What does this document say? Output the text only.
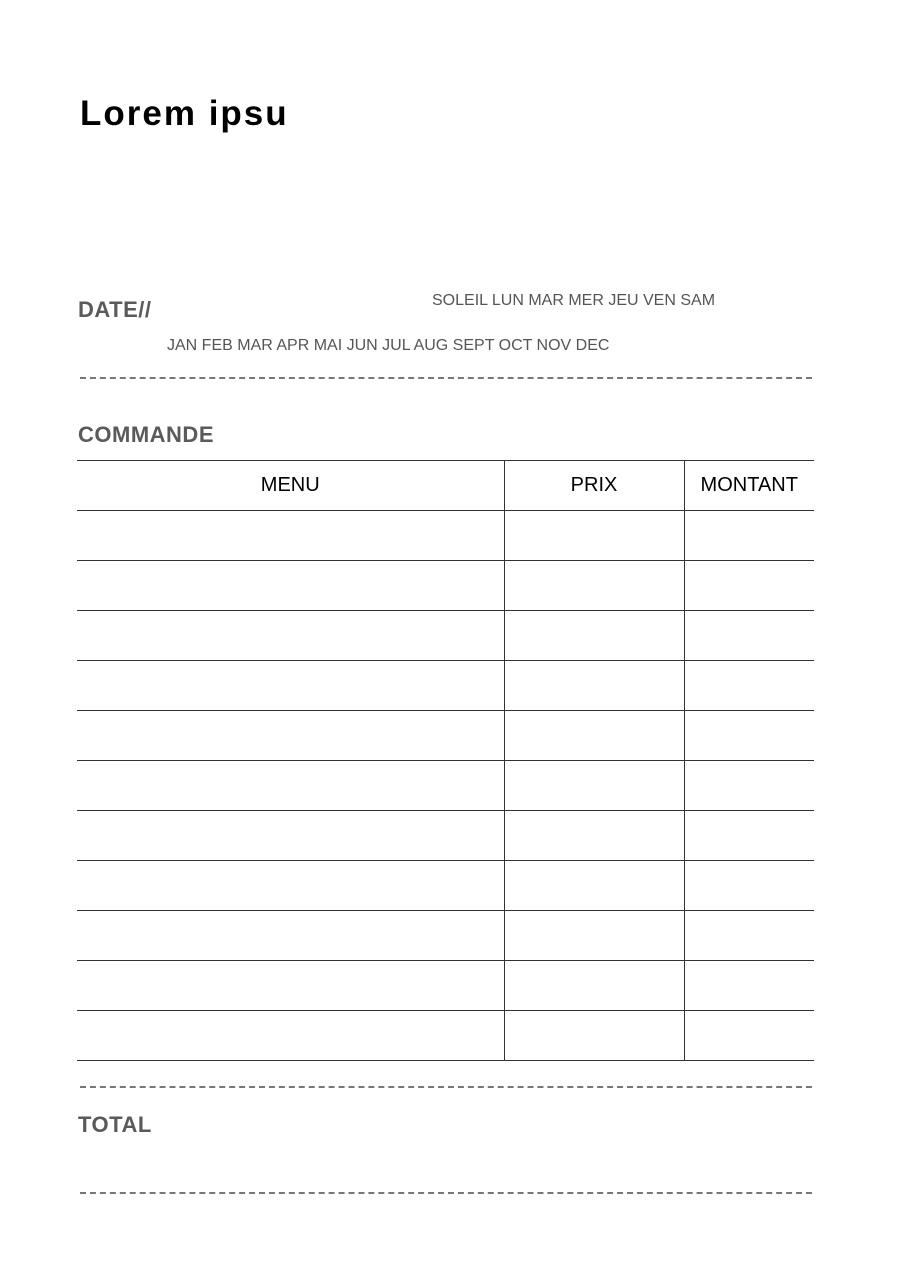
Lorem ipsu
DATE//	SOLEIL LUN MAR MER JEU VEN SAM
JAN FEB MAR APR MAI JUN JUL AUG SEPT OCT NOV DEC
COMMANDE
MENU	PRIX	MONTANT

TOTAL
